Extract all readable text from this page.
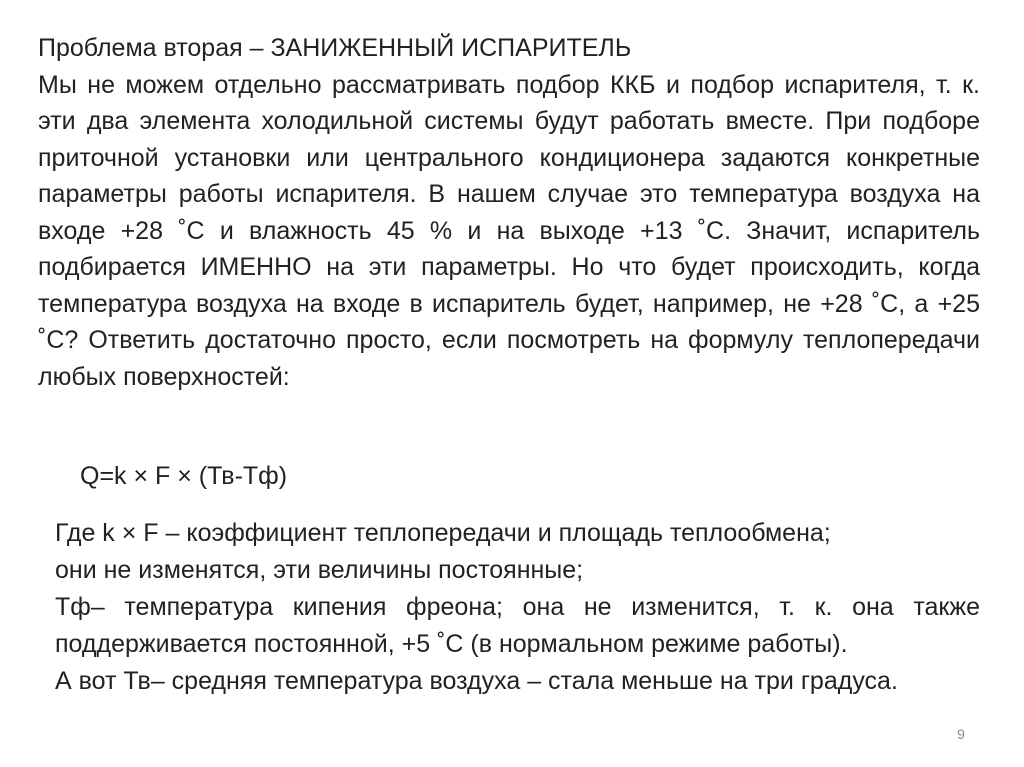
Проблема вторая – ЗАНИЖЕННЫЙ ИСПАРИТЕЛЬ

Мы не можем отдельно рассматривать подбор ККБ и подбор испарителя, т. к. эти два элемента холодильной системы будут работать вместе. При подборе приточной установки или центрального кондиционера задаются конкретные параметры работы испарителя. В нашем случае это температура воздуха на входе +28 ˚С и влажность 45 % и на выходе +13 ˚С. Значит, испаритель подбирается ИМЕННО на эти параметры. Но что будет происходить, когда температура воздуха на входе в испаритель будет, например, не +28 ˚С, а +25 ˚С? Ответить достаточно просто, если посмотреть на формулу теплопередачи любых поверхностей:

Q=k × F × (Тв-Тф)

Где k × F – коэффициент теплопередачи и площадь теплообмена;

они не изменятся, эти величины постоянные;

Тф– температура кипения фреона; она не изменится, т. к. она также поддерживается постоянной, +5 ˚С (в нормальном режиме работы).

А вот Тв– средняя температура воздуха – стала меньше на три градуса.

9
